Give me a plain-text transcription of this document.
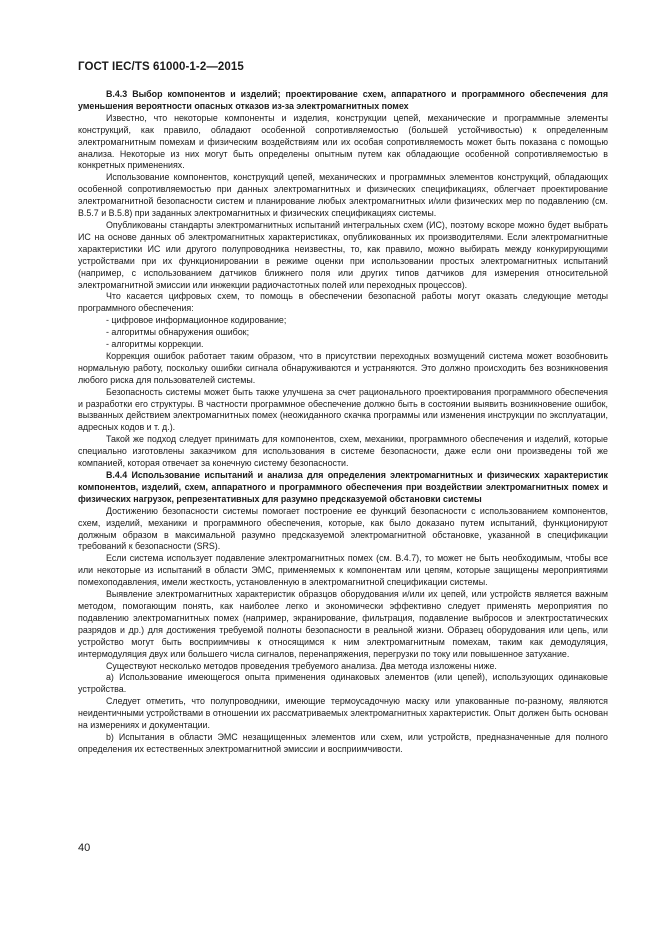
ГОСТ IEC/TS 61000-1-2—2015

B.4.3 Выбор компонентов и изделий; проектирование схем, аппаратного и программного обеспечения для уменьшения вероятности опасных отказов из-за электромагнитных помех

Известно, что некоторые компоненты и изделия, конструкции цепей, механические и программные элементы конструкций, как правило, обладают особенной сопротивляемостью (большей устойчивостью) к определенным электромагнитным помехам и физическим воздействиям или их особая сопротивляемость может быть показана с помощью анализа. Некоторые из них могут быть определены опытным путем как обладающие особенной сопротивляемостью в конкретных применениях.

Использование компонентов, конструкций цепей, механических и программных элементов конструкций, обладающих особенной сопротивляемостью при данных электромагнитных и физических спецификациях, облегчает проектирование электромагнитной безопасности систем и планирование любых электромагнитных и/или физических мер по подавлению (см. B.5.7 и B.5.8) при заданных электромагнитных и физических спецификациях системы.

Опубликованы стандарты электромагнитных испытаний интегральных схем (ИС), поэтому вскоре можно будет выбрать ИС на основе данных об электромагнитных характеристиках, опубликованных их производителями. Если электромагнитные характеристики ИС или другого полупроводника неизвестны, то, как правило, можно выбирать между конкурирующими устройствами при их функционировании в режиме оценки при использовании простых электромагнитных испытаний (например, с использованием датчиков ближнего поля или других типов датчиков для измерения относительной электромагнитной эмиссии или инжекции радиочастотных полей или переходных процессов).

Что касается цифровых схем, то помощь в обеспечении безопасной работы могут оказать следующие методы программного обеспечения:

- цифровое информационное кодирование;

- алгоритмы обнаружения ошибок;

- алгоритмы коррекции.

Коррекция ошибок работает таким образом, что в присутствии переходных возмущений система может возобновить нормальную работу, поскольку ошибки сигнала обнаруживаются и устраняются. Это должно происходить без возникновения любого риска для пользователей системы.

Безопасность системы может быть также улучшена за счет рационального проектирования программного обеспечения и разработки его структуры. В частности программное обеспечение должно быть в состоянии выявить возникновение ошибок, вызванных действием электромагнитных помех (неожиданного скачка программы или изменения инструкции по эксплуатации, адресных кодов и т. д.).

Такой же подход следует принимать для компонентов, схем, механики, программного обеспечения и изделий, которые специально изготовлены заказчиком для использования в системе безопасности, даже если они произведены той же компанией, которая отвечает за конечную систему безопасности.

B.4.4 Использование испытаний и анализа для определения электромагнитных и физических характеристик компонентов, изделий, схем, аппаратного и программного обеспечения при воздействии электромагнитных помех и физических нагрузок, репрезентативных для разумно предсказуемой обстановки системы

Достижению безопасности системы помогает построение ее функций безопасности с использованием компонентов, схем, изделий, механики и программного обеспечения, которые, как было доказано путем испытаний, функционируют должным образом в максимальной разумно предсказуемой электромагнитной обстановке, указанной в спецификации требований к безопасности (SRS).

Если система использует подавление электромагнитных помех (см. B.4.7), то может не быть необходимым, чтобы все или некоторые из испытаний в области ЭМС, применяемых к компонентам или цепям, которые защищены мероприятиями помехоподавления, имели жесткость, установленную в электромагнитной спецификации системы.

Выявление электромагнитных характеристик образцов оборудования и/или их цепей, или устройств является важным методом, помогающим понять, как наиболее легко и экономически эффективно следует применять мероприятия по подавлению электромагнитных помех (например, экранирование, фильтрация, подавление выбросов и электростатических разрядов и др.) для достижения требуемой полноты безопасности в реальной жизни. Образец оборудования или цепь, или устройство могут быть восприимчивы к относящимся к ним электромагнитным помехам, таким как демодуляция, интермодуляция двух или большего числа сигналов, перенапряжения, перегрузки по току или повышенное затухание.

Существуют несколько методов проведения требуемого анализа. Два метода изложены ниже.

a) Использование имеющегося опыта применения одинаковых элементов (или цепей), использующих одинаковые устройства.

Следует отметить, что полупроводники, имеющие термоусадочную маску или упакованные по-разному, являются неидентичными устройствами в отношении их рассматриваемых электромагнитных характеристик. Опыт должен быть основан на измерениях и документации.

b) Испытания в области ЭМС незащищенных элементов или схем, или устройств, предназначенные для полного определения их естественных электромагнитной эмиссии и восприимчивости.

40
